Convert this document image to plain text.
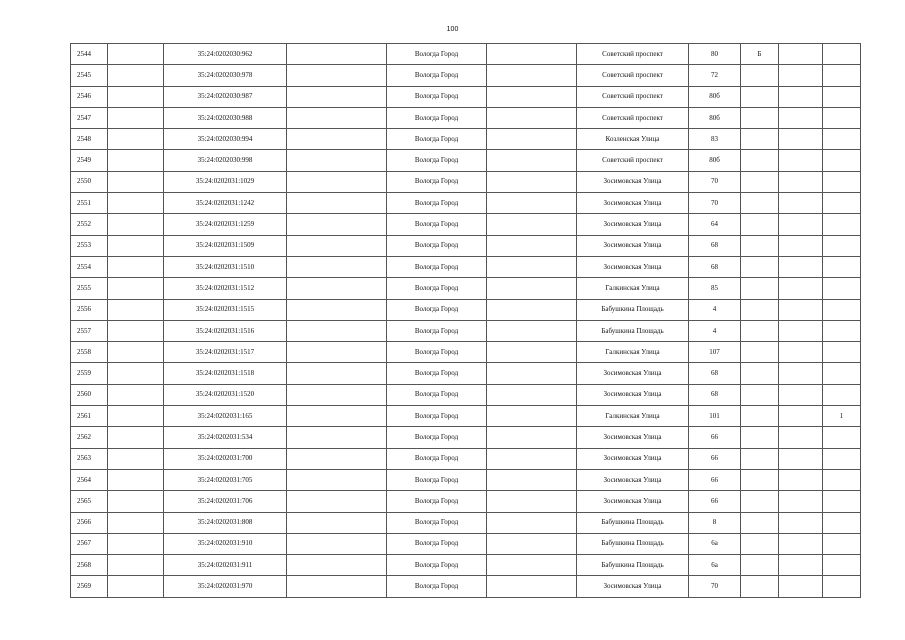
100
2544		35:24:0202030:962		Вологда Город		Советский проспект	80	Б		
2545		35:24:0202030:978		Вологда Город		Советский проспект	72			
2546		35:24:0202030:987		Вологда Город		Советский проспект	80б			
2547		35:24:0202030:988		Вологда Город		Советский проспект	80б			
2548		35:24:0202030:994		Вологда Город		Козленская Улица	83			
2549		35:24:0202030:998		Вологда Город		Советский проспект	80б			
2550		35:24:0202031:1029		Вологда Город		Зосимовская Улица	70			
2551		35:24:0202031:1242		Вологда Город		Зосимовская Улица	70			
2552		35:24:0202031:1259		Вологда Город		Зосимовская Улица	64			
2553		35:24:0202031:1509		Вологда Город		Зосимовская Улица	68			
2554		35:24:0202031:1510		Вологда Город		Зосимовская Улица	68			
2555		35:24:0202031:1512		Вологда Город		Галкинская Улица	85			
2556		35:24:0202031:1515		Вологда Город		Бабушкина Площадь	4			
2557		35:24:0202031:1516		Вологда Город		Бабушкина Площадь	4			
2558		35:24:0202031:1517		Вологда Город		Галкинская Улица	107			
2559		35:24:0202031:1518		Вологда Город		Зосимовская Улица	68			
2560		35:24:0202031:1520		Вологда Город		Зосимовская Улица	68			
2561		35:24:0202031:165		Вологда Город		Галкинская Улица	101			1
2562		35:24:0202031:534		Вологда Город		Зосимовская Улица	66			
2563		35:24:0202031:700		Вологда Город		Зосимовская Улица	66			
2564		35:24:0202031:705		Вологда Город		Зосимовская Улица	66			
2565		35:24:0202031:706		Вологда Город		Зосимовская Улица	66			
2566		35:24:0202031:808		Вологда Город		Бабушкина Площадь	8			
2567		35:24:0202031:910		Вологда Город		Бабушкина Площадь	6а			
2568		35:24:0202031:911		Вологда Город		Бабушкина Площадь	6а			
2569		35:24:0202031:970		Вологда Город		Зосимовская Улица	70			
